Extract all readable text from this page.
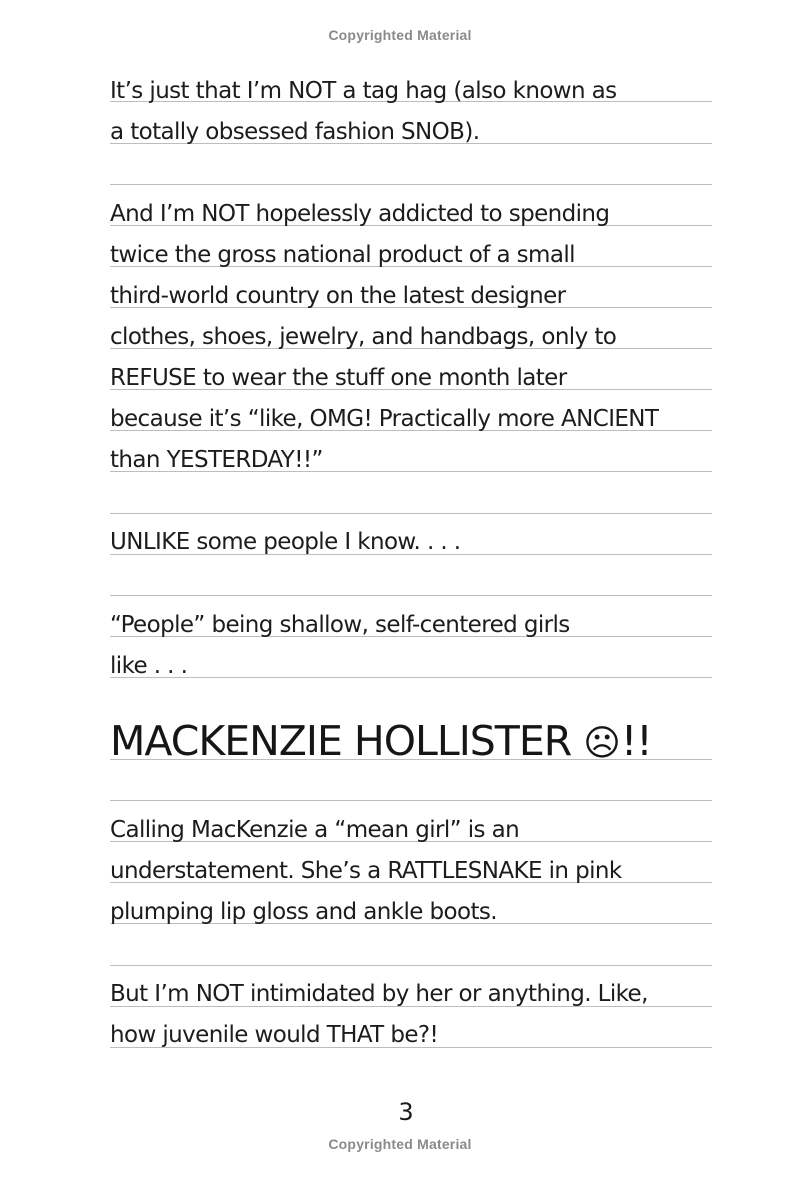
Copyrighted Material
It’s just that I’m NOT a tag hag (also known as
a totally obsessed fashion SNOB).
And I’m NOT hopelessly addicted to spending
twice the gross national product of a small
third-world country on the latest designer
clothes, shoes, jewelry, and handbags, only to
REFUSE to wear the stuff one month later
because it’s “like, OMG! Practically more ANCIENT
than YESTERDAY!!”
UNLIKE some people I know. . . .
“People” being shallow, self-centered girls
like . . .
MACKENZIE HOLLISTER ☹!!
Calling MacKenzie a “mean girl” is an
understatement. She’s a RATTLESNAKE in pink
plumping lip gloss and ankle boots.
But I’m NOT intimidated by her or anything. Like,
how juvenile would THAT be?!
3
Copyrighted Material
